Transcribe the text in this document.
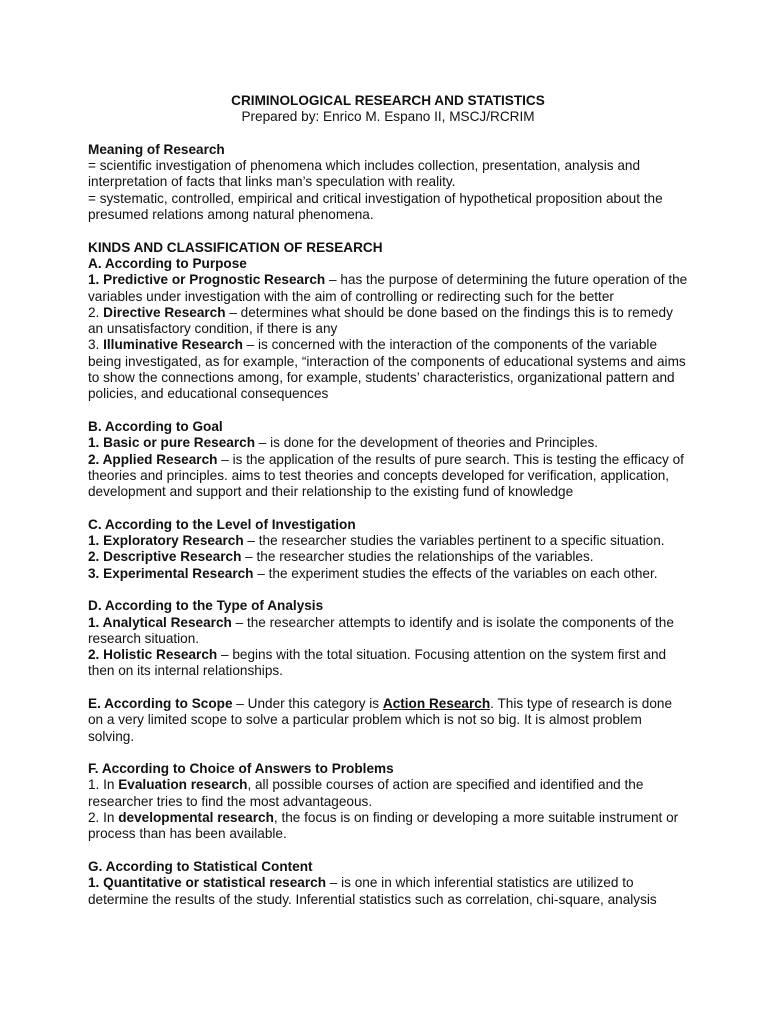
CRIMINOLOGICAL RESEARCH AND STATISTICS

Prepared by: Enrico M. Espano II, MSCJ/RCRIM

Meaning of Research

= scientific investigation of phenomena which includes collection, presentation, analysis and interpretation of facts that links man’s speculation with reality.

= systematic, controlled, empirical and critical investigation of hypothetical proposition about the presumed relations among natural phenomena.

KINDS AND CLASSIFICATION OF RESEARCH

A. According to Purpose

1. Predictive or Prognostic Research – has the purpose of determining the future operation of the variables under investigation with the aim of controlling or redirecting such for the better

2. Directive Research – determines what should be done based on the findings this is to remedy an unsatisfactory condition, if there is any

3. Illuminative Research – is concerned with the interaction of the components of the variable being investigated, as for example, “interaction of the components of educational systems and aims to show the connections among, for example, students’ characteristics, organizational pattern and policies, and educational consequences

B. According to Goal

1. Basic or pure Research – is done for the development of theories and Principles.

2. Applied Research – is the application of the results of pure search. This is testing the efficacy of theories and principles. aims to test theories and concepts developed for verification, application, development and support and their relationship to the existing fund of knowledge

C. According to the Level of Investigation

1. Exploratory Research – the researcher studies the variables pertinent to a specific situation.

2. Descriptive Research – the researcher studies the relationships of the variables.

3. Experimental Research – the experiment studies the effects of the variables on each other.

D. According to the Type of Analysis

1. Analytical Research – the researcher attempts to identify and is isolate the components of the research situation.

2. Holistic Research – begins with the total situation. Focusing attention on the system first and then on its internal relationships.

E. According to Scope – Under this category is Action Research. This type of research is done on a very limited scope to solve a particular problem which is not so big. It is almost problem solving.

F. According to Choice of Answers to Problems

1. In Evaluation research, all possible courses of action are specified and identified and the researcher tries to find the most advantageous.

2. In developmental research, the focus is on finding or developing a more suitable instrument or process than has been available.

G. According to Statistical Content

1. Quantitative or statistical research – is one in which inferential statistics are utilized to determine the results of the study. Inferential statistics such as correlation, chi-square, analysis
